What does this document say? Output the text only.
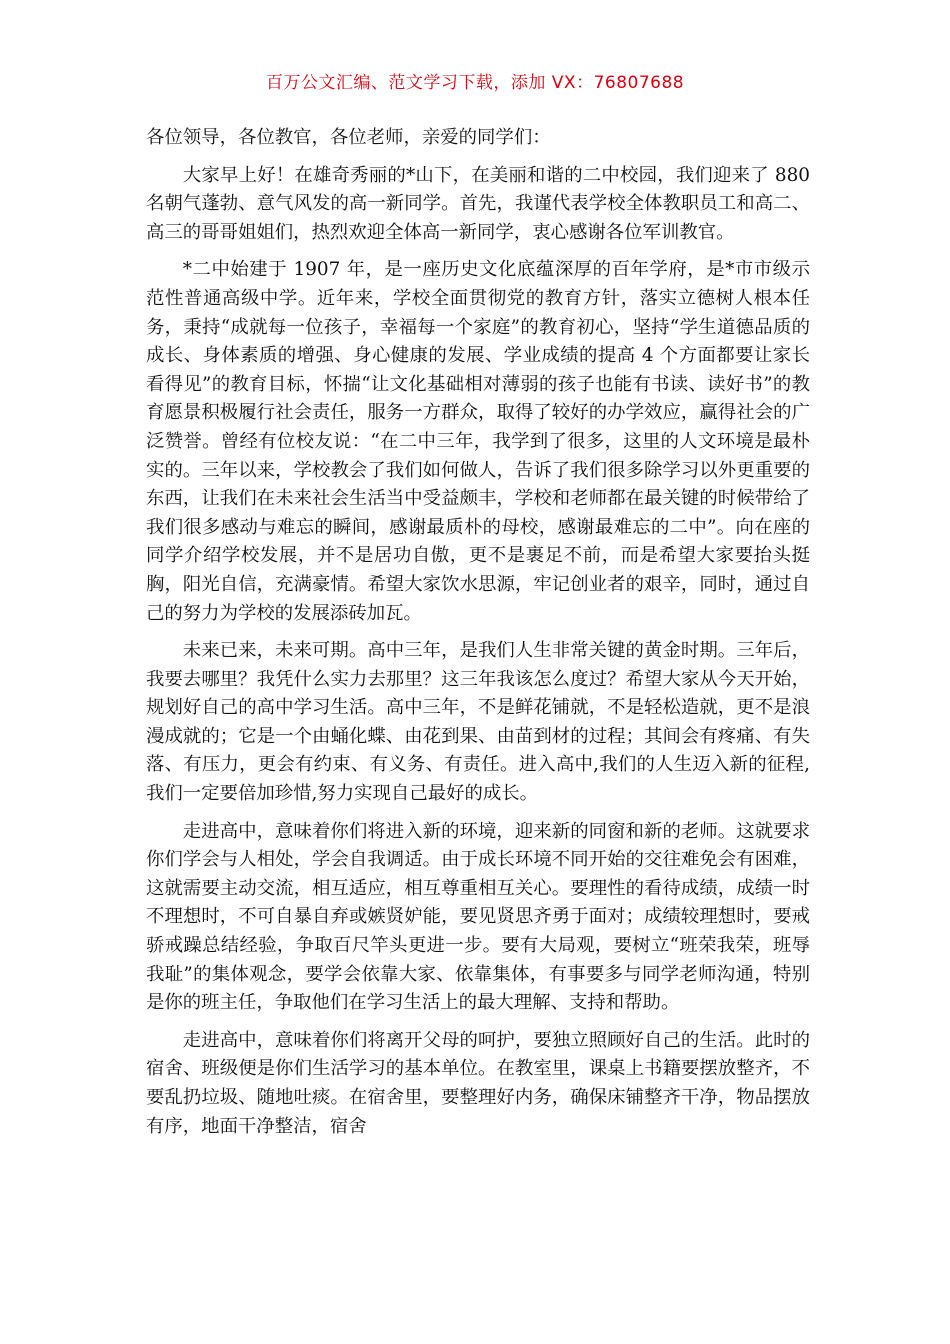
百万公文汇编、范文学习下载，添加 VX：76807688

各位领导，各位教官，各位老师，亲爱的同学们：

大家早上好！在雄奇秀丽的*山下，在美丽和谐的二中校园，我们迎来了 880 名朝气蓬勃、意气风发的高一新同学。首先，我谨代表学校全体教职员工和高二、高三的哥哥姐姐们，热烈欢迎全体高一新同学，衷心感谢各位军训教官。

*二中始建于 1907 年，是一座历史文化底蕴深厚的百年学府，是*市市级示范性普通高级中学。近年来，学校全面贯彻党的教育方针，落实立德树人根本任务，秉持“成就每一位孩子，幸福每一个家庭”的教育初心，坚持“学生道德品质的成长、身体素质的增强、身心健康的发展、学业成绩的提高 4 个方面都要让家长看得见”的教育目标，怀揣“让文化基础相对薄弱的孩子也能有书读、读好书”的教育愿景积极履行社会责任，服务一方群众，取得了较好的办学效应，赢得社会的广泛赞誉。曾经有位校友说：“在二中三年，我学到了很多，这里的人文环境是最朴实的。三年以来，学校教会了我们如何做人，告诉了我们很多除学习以外更重要的东西，让我们在未来社会生活当中受益颇丰，学校和老师都在最关键的时候带给了我们很多感动与难忘的瞬间，感谢最质朴的母校，感谢最难忘的二中”。向在座的同学介绍学校发展，并不是居功自傲，更不是裹足不前，而是希望大家要抬头挺胸，阳光自信，充满豪情。希望大家饮水思源，牢记创业者的艰辛，同时，通过自己的努力为学校的发展添砖加瓦。

未来已来，未来可期。高中三年，是我们人生非常关键的黄金时期。三年后，我要去哪里？我凭什么实力去那里？这三年我该怎么度过？希望大家从今天开始，规划好自己的高中学习生活。高中三年，不是鲜花铺就，不是轻松造就，更不是浪漫成就的；它是一个由蛹化蝶、由花到果、由苗到材的过程；其间会有疼痛、有失落、有压力，更会有约束、有义务、有责任。进入高中,我们的人生迈入新的征程,我们一定要倍加珍惜,努力实现自己最好的成长。

走进高中，意味着你们将进入新的环境，迎来新的同窗和新的老师。这就要求你们学会与人相处，学会自我调适。由于成长环境不同开始的交往难免会有困难，这就需要主动交流，相互适应，相互尊重相互关心。要理性的看待成绩，成绩一时不理想时，不可自暴自弃或嫉贤妒能，要见贤思齐勇于面对；成绩较理想时，要戒骄戒躁总结经验，争取百尺竿头更进一步。要有大局观，要树立“班荣我荣，班辱我耻”的集体观念，要学会依靠大家、依靠集体，有事要多与同学老师沟通，特别是你的班主任，争取他们在学习生活上的最大理解、支持和帮助。

走进高中，意味着你们将离开父母的呵护，要独立照顾好自己的生活。此时的宿舍、班级便是你们生活学习的基本单位。在教室里，课桌上书籍要摆放整齐，不要乱扔垃圾、随地吐痰。在宿舍里，要整理好内务，确保床铺整齐干净，物品摆放有序，地面干净整洁，宿舍
